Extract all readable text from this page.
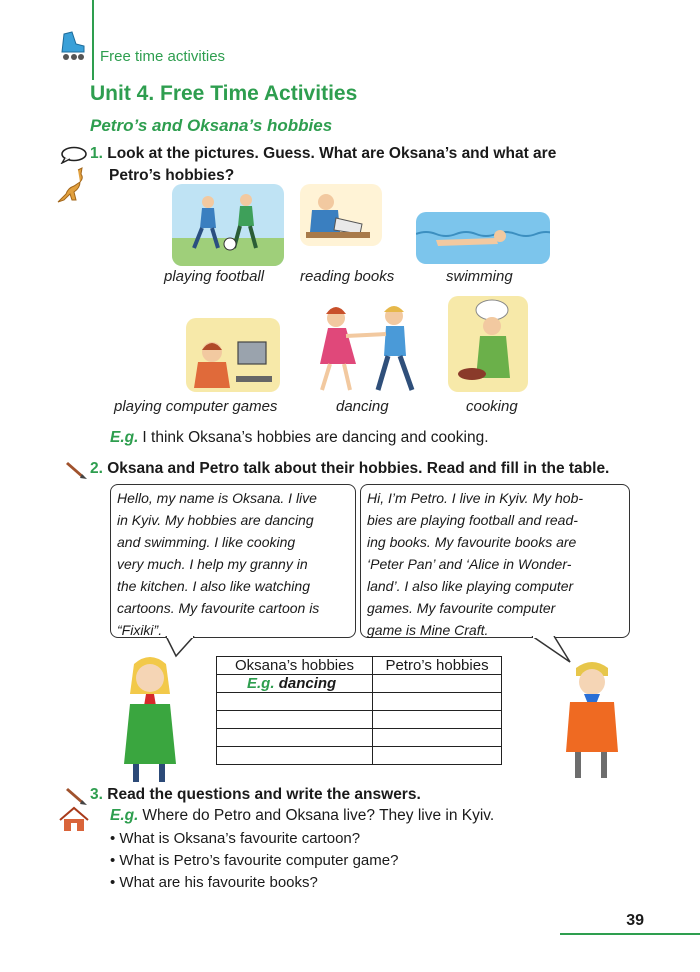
Free time activities
Unit 4. Free Time Activities
Petro’s and Oksana’s hobbies
1. Look at the pictures. Guess. What are Oksana’s and what are
Petro’s hobbies?
playing football reading books	swimming
playing computer games	dancing	cooking
E.g. I think Oksana’s hobbies are dancing and cooking.
2. Oksana and Petro talk about their hobbies. Read and fill in the table.
Hello, my name is Oksana. I live
in Kyiv. My hobbies are dancing
and swimming. I like cooking
very much. I help my granny in
the kitchen. I also like watching
cartoons. My favourite cartoon is
“Fixiki”.
Hi, I’m Petro. I live in Kyiv. My hob-
bies are playing football and read-
ing books. My favourite books are
‘Peter Pan’ and ‘Alice in Wonder-
land’. I also like playing computer
games. My favourite computer
game is Mine Craft.
Oksana’s hobbies	Petro’s hobbies
E.g. dancing	

3. Read the questions and write the answers.
E.g. Where do Petro and Oksana live? They live in Kyiv.
• What is Oksana’s favourite cartoon?
• What is Petro’s favourite computer game?
• What are his favourite books?
39
